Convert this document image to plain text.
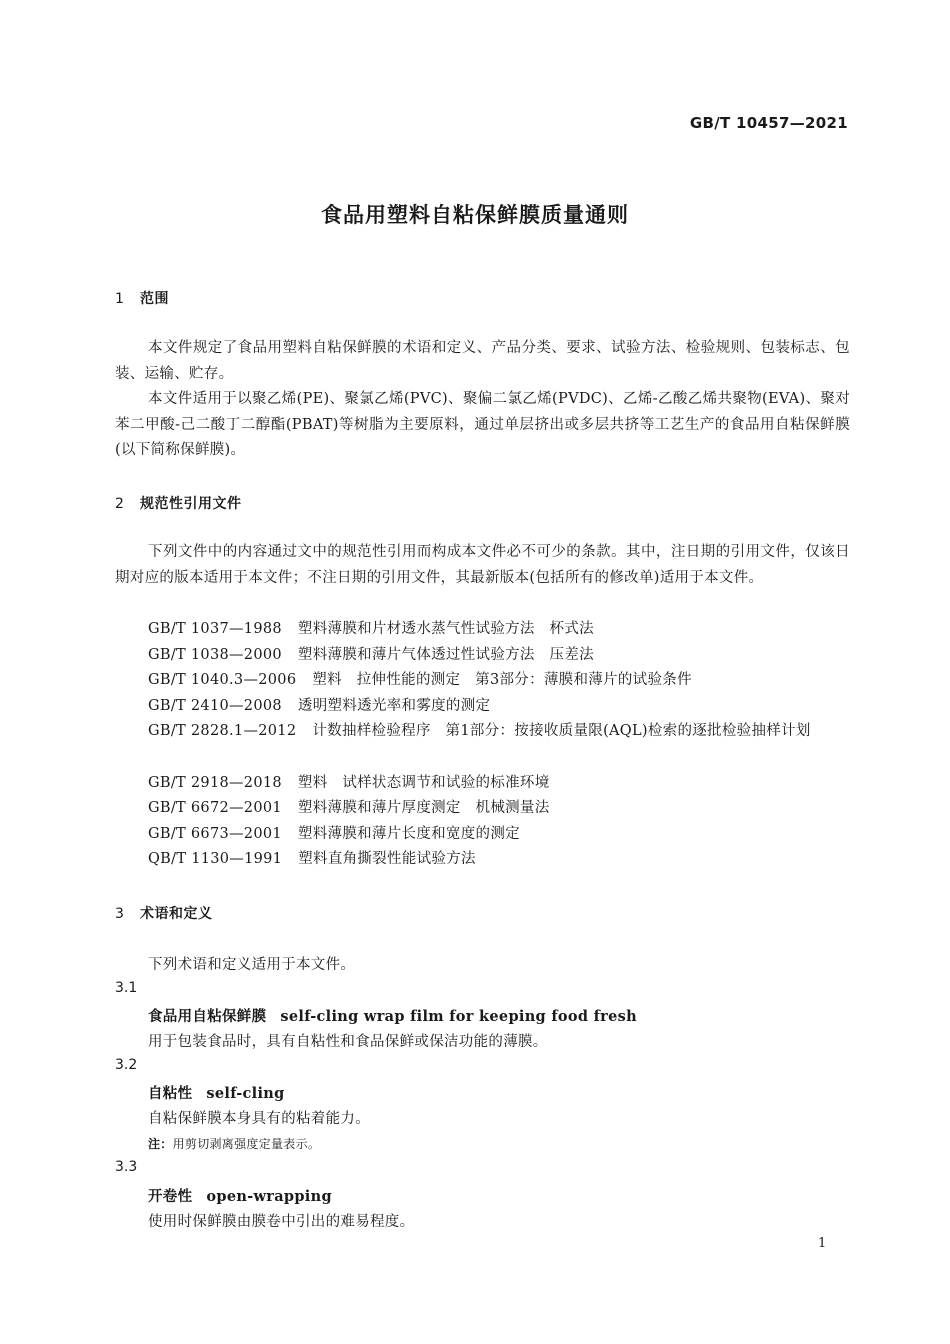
GB/T 10457—2021
食品用塑料自粘保鲜膜质量通则
1 范围
本文件规定了食品用塑料自粘保鲜膜的术语和定义、产品分类、要求、试验方法、检验规则、包装标志、包装、运输、贮存。
本文件适用于以聚乙烯(PE)、聚氯乙烯(PVC)、聚偏二氯乙烯(PVDC)、乙烯-乙酸乙烯共聚物(EVA)、聚对苯二甲酸-己二酸丁二醇酯(PBAT)等树脂为主要原料，通过单层挤出或多层共挤等工艺生产的食品用自粘保鲜膜(以下简称保鲜膜)。
2 规范性引用文件
下列文件中的内容通过文中的规范性引用而构成本文件必不可少的条款。其中，注日期的引用文件，仅该日期对应的版本适用于本文件；不注日期的引用文件，其最新版本(包括所有的修改单)适用于本文件。
GB/T 1037—1988 塑料薄膜和片材透水蒸气性试验方法　杯式法
GB/T 1038—2000 塑料薄膜和薄片气体透过性试验方法　压差法
GB/T 1040.3—2006 塑料　拉伸性能的测定　第3部分：薄膜和薄片的试验条件
GB/T 2410—2008 透明塑料透光率和雾度的测定
GB/T 2828.1—2012 计数抽样检验程序　第1部分：按接收质量限(AQL)检索的逐批检验抽样计划
GB/T 2918—2018 塑料　试样状态调节和试验的标准环境
GB/T 6672—2001 塑料薄膜和薄片厚度测定　机械测量法
GB/T 6673—2001 塑料薄膜和薄片长度和宽度的测定
QB/T 1130—1991 塑料直角撕裂性能试验方法
3 术语和定义
下列术语和定义适用于本文件。
3.1
食品用自粘保鲜膜 self-cling wrap film for keeping food fresh
用于包装食品时，具有自粘性和食品保鲜或保洁功能的薄膜。
3.2
自粘性 self-cling
自粘保鲜膜本身具有的粘着能力。
注：用剪切剥离强度定量表示。
3.3
开卷性 open-wrapping
使用时保鲜膜由膜卷中引出的难易程度。
1
